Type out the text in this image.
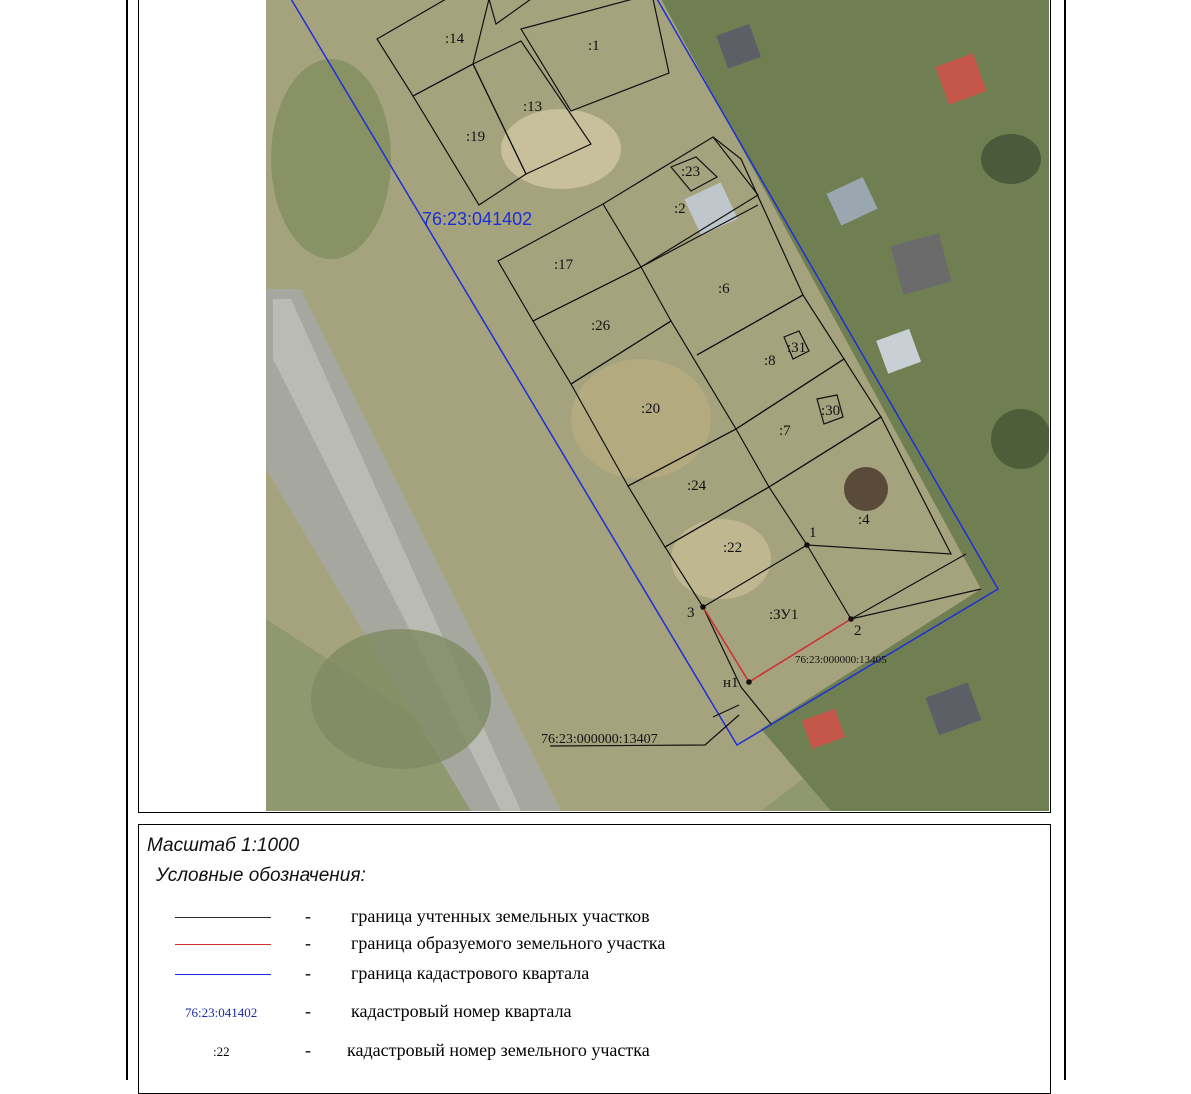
:14	:1
:13
:19
:23
:2
:17
:6
:26
:8
:31
:20	:30
:7
:24
:4
:22
:ЗУ1
1
2
3
н1
76:23:041402
76:23:000000:13405
76:23:000000:13407
Масштаб 1:1000
Условные обозначения:
- граница учтенных земельных участков
- граница образуемого земельного участка
- граница кадастрового квартала
76:23:041402	- кадастровый номер квартала
:22	- кадастровый номер земельного участка
